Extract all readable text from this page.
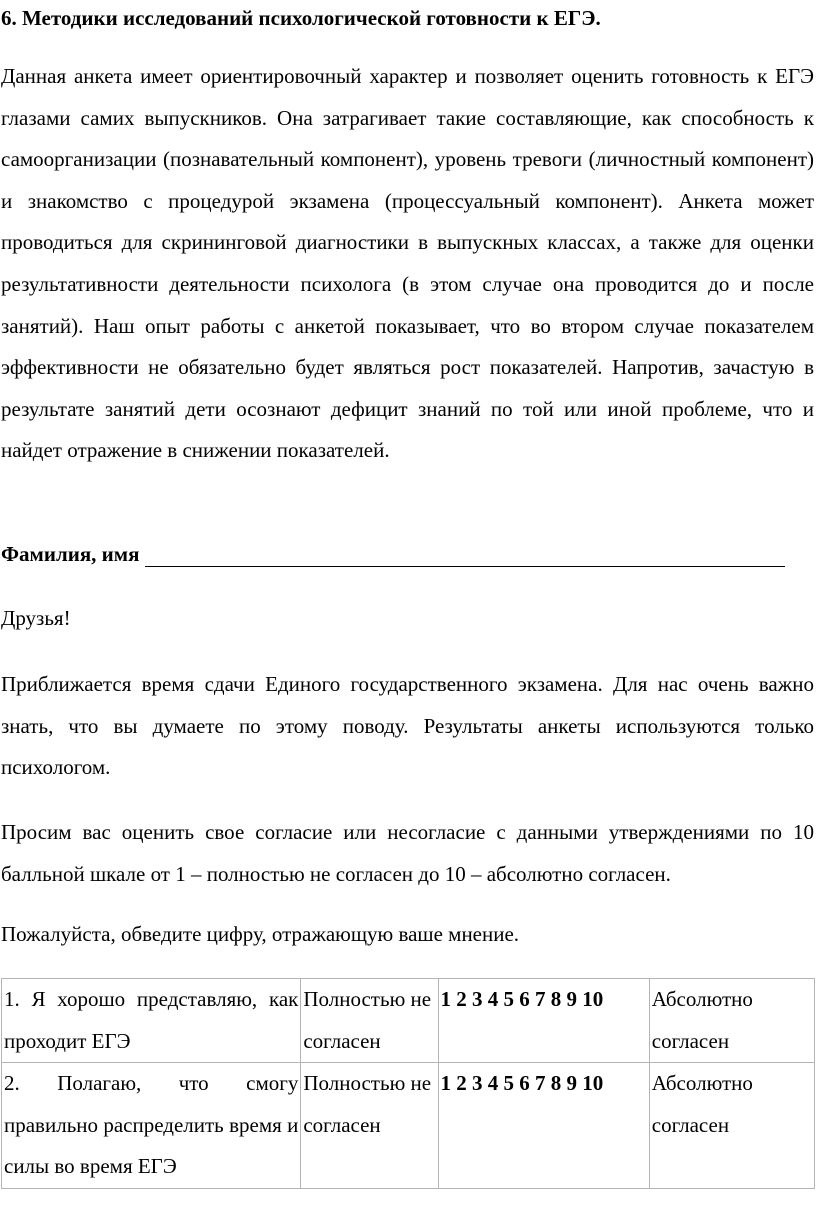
6. Методики исследований психологической готовности к ЕГЭ.

Данная анкета имеет ориентировочный характер и позволяет оценить готовность к ЕГЭ глазами самих выпускников. Она затрагивает такие составляющие, как способность к самоорганизации (познавательный компонент), уровень тревоги (личностный компонент) и знакомство с процедурой экзамена (процессуальный компонент). Анкета может проводиться для скрининговой диагностики в выпускных классах, а также для оценки результативности деятельности психолога (в этом случае она проводится до и после занятий). Наш опыт работы с анкетой показывает, что во втором случае показателем эффективности не обязательно будет являться рост показателей. Напротив, зачастую в результате занятий дети осознают дефицит знаний по той или иной проблеме, что и найдет отражение в снижении показателей.

Фамилия, имя

Друзья!

Приближается время сдачи Единого государственного экзамена. Для нас очень важно знать, что вы думаете по этому поводу. Результаты анкеты используются только психологом.

Просим вас оценить свое согласие или несогласие с данными утверждениями по 10 балльной шкале от 1 – полностью не согласен до 10 – абсолютно согласен.

Пожалуйста, обведите цифру, отражающую ваше мнение.

1. Я хорошо представляю, как проходит ЕГЭ	Полностью не согласен	1 2 3 4 5 6 7 8 9 10	Абсолютно согласен
2. Полагаю, что смогу правильно распределить время и силы во время ЕГЭ	Полностью не согласен	1 2 3 4 5 6 7 8 9 10	Абсолютно согласен
